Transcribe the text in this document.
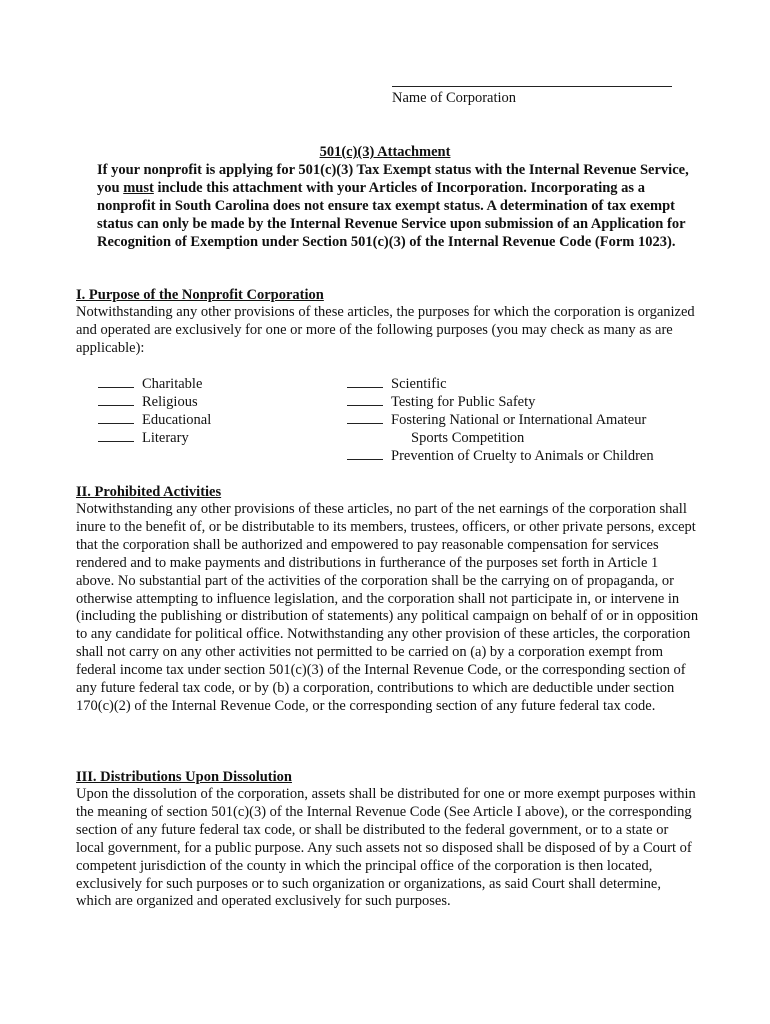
Name of Corporation
501(c)(3) Attachment
If your nonprofit is applying for 501(c)(3) Tax Exempt status with the Internal Revenue Service, you must include this attachment with your Articles of Incorporation. Incorporating as a nonprofit in South Carolina does not ensure tax exempt status. A determination of tax exempt status can only be made by the Internal Revenue Service upon submission of an Application for Recognition of Exemption under Section 501(c)(3) of the Internal Revenue Code (Form 1023).
I. Purpose of the Nonprofit Corporation
Notwithstanding any other provisions of these articles, the purposes for which the corporation is organized and operated are exclusively for one or more of the following purposes (you may check as many as are applicable):
Charitable
Religious
Educational
Literary
Scientific
Testing for Public Safety
Fostering National or International Amateur
Sports Competition
Prevention of Cruelty to Animals or Children
II. Prohibited Activities
Notwithstanding any other provisions of these articles, no part of the net earnings of the corporation shall inure to the benefit of, or be distributable to its members, trustees, officers, or other private persons, except that the corporation shall be authorized and empowered to pay reasonable compensation for services rendered and to make payments and distributions in furtherance of the purposes set forth in Article 1 above. No substantial part of the activities of the corporation shall be the carrying on of propaganda, or otherwise attempting to influence legislation, and the corporation shall not participate in, or intervene in (including the publishing or distribution of statements) any political campaign on behalf of or in opposition to any candidate for political office. Notwithstanding any other provision of these articles, the corporation shall not carry on any other activities not permitted to be carried on (a) by a corporation exempt from federal income tax under section 501(c)(3) of the Internal Revenue Code, or the corresponding section of any future federal tax code, or by (b) a corporation, contributions to which are deductible under section 170(c)(2) of the Internal Revenue Code, or the corresponding section of any future federal tax code.
III. Distributions Upon Dissolution
Upon the dissolution of the corporation, assets shall be distributed for one or more exempt purposes within the meaning of section 501(c)(3) of the Internal Revenue Code (See Article I above), or the corresponding section of any future federal tax code, or shall be distributed to the federal government, or to a state or local government, for a public purpose. Any such assets not so disposed shall be disposed of by a Court of competent jurisdiction of the county in which the principal office of the corporation is then located, exclusively for such purposes or to such organization or organizations, as said Court shall determine, which are organized and operated exclusively for such purposes.
